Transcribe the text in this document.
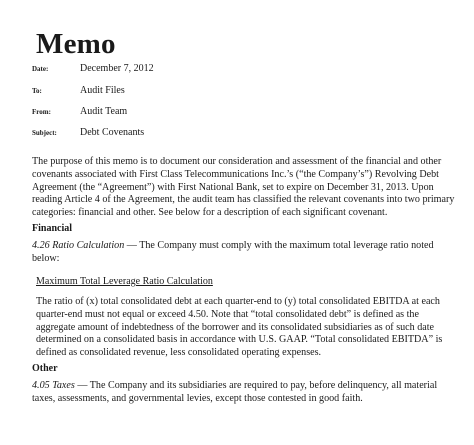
Memo
Date:	December 7, 2012
To:	Audit Files
From:	Audit Team
Subject: Debt Covenants

The purpose of this memo is to document our consideration and assessment of the financial and other covenants associated with First Class Telecommunications Inc.’s (“the Company’s”) Revolving Debt Agreement (the “Agreement”) with First National Bank, set to expire on December 31, 2013. Upon reading Article 4 of the Agreement, the audit team has classified the relevant covenants into two primary categories: financial and other. See below for a description of each significant covenant.

Financial

4.26 Ratio Calculation — The Company must comply with the maximum total leverage ratio noted below:

Maximum Total Leverage Ratio Calculation

The ratio of (x) total consolidated debt at each quarter-end to (y) total consolidated EBITDA at each quarter-end must not equal or exceed 4.50. Note that “total consolidated debt” is defined as the aggregate amount of indebtedness of the borrower and its consolidated subsidiaries as of such date determined on a consolidated basis in accordance with U.S. GAAP. “Total consolidated EBITDA” is defined as consolidated revenue, less consolidated operating expenses.

Other

4.05 Taxes — The Company and its subsidiaries are required to pay, before delinquency, all material taxes, assessments, and governmental levies, except those contested in good faith.
